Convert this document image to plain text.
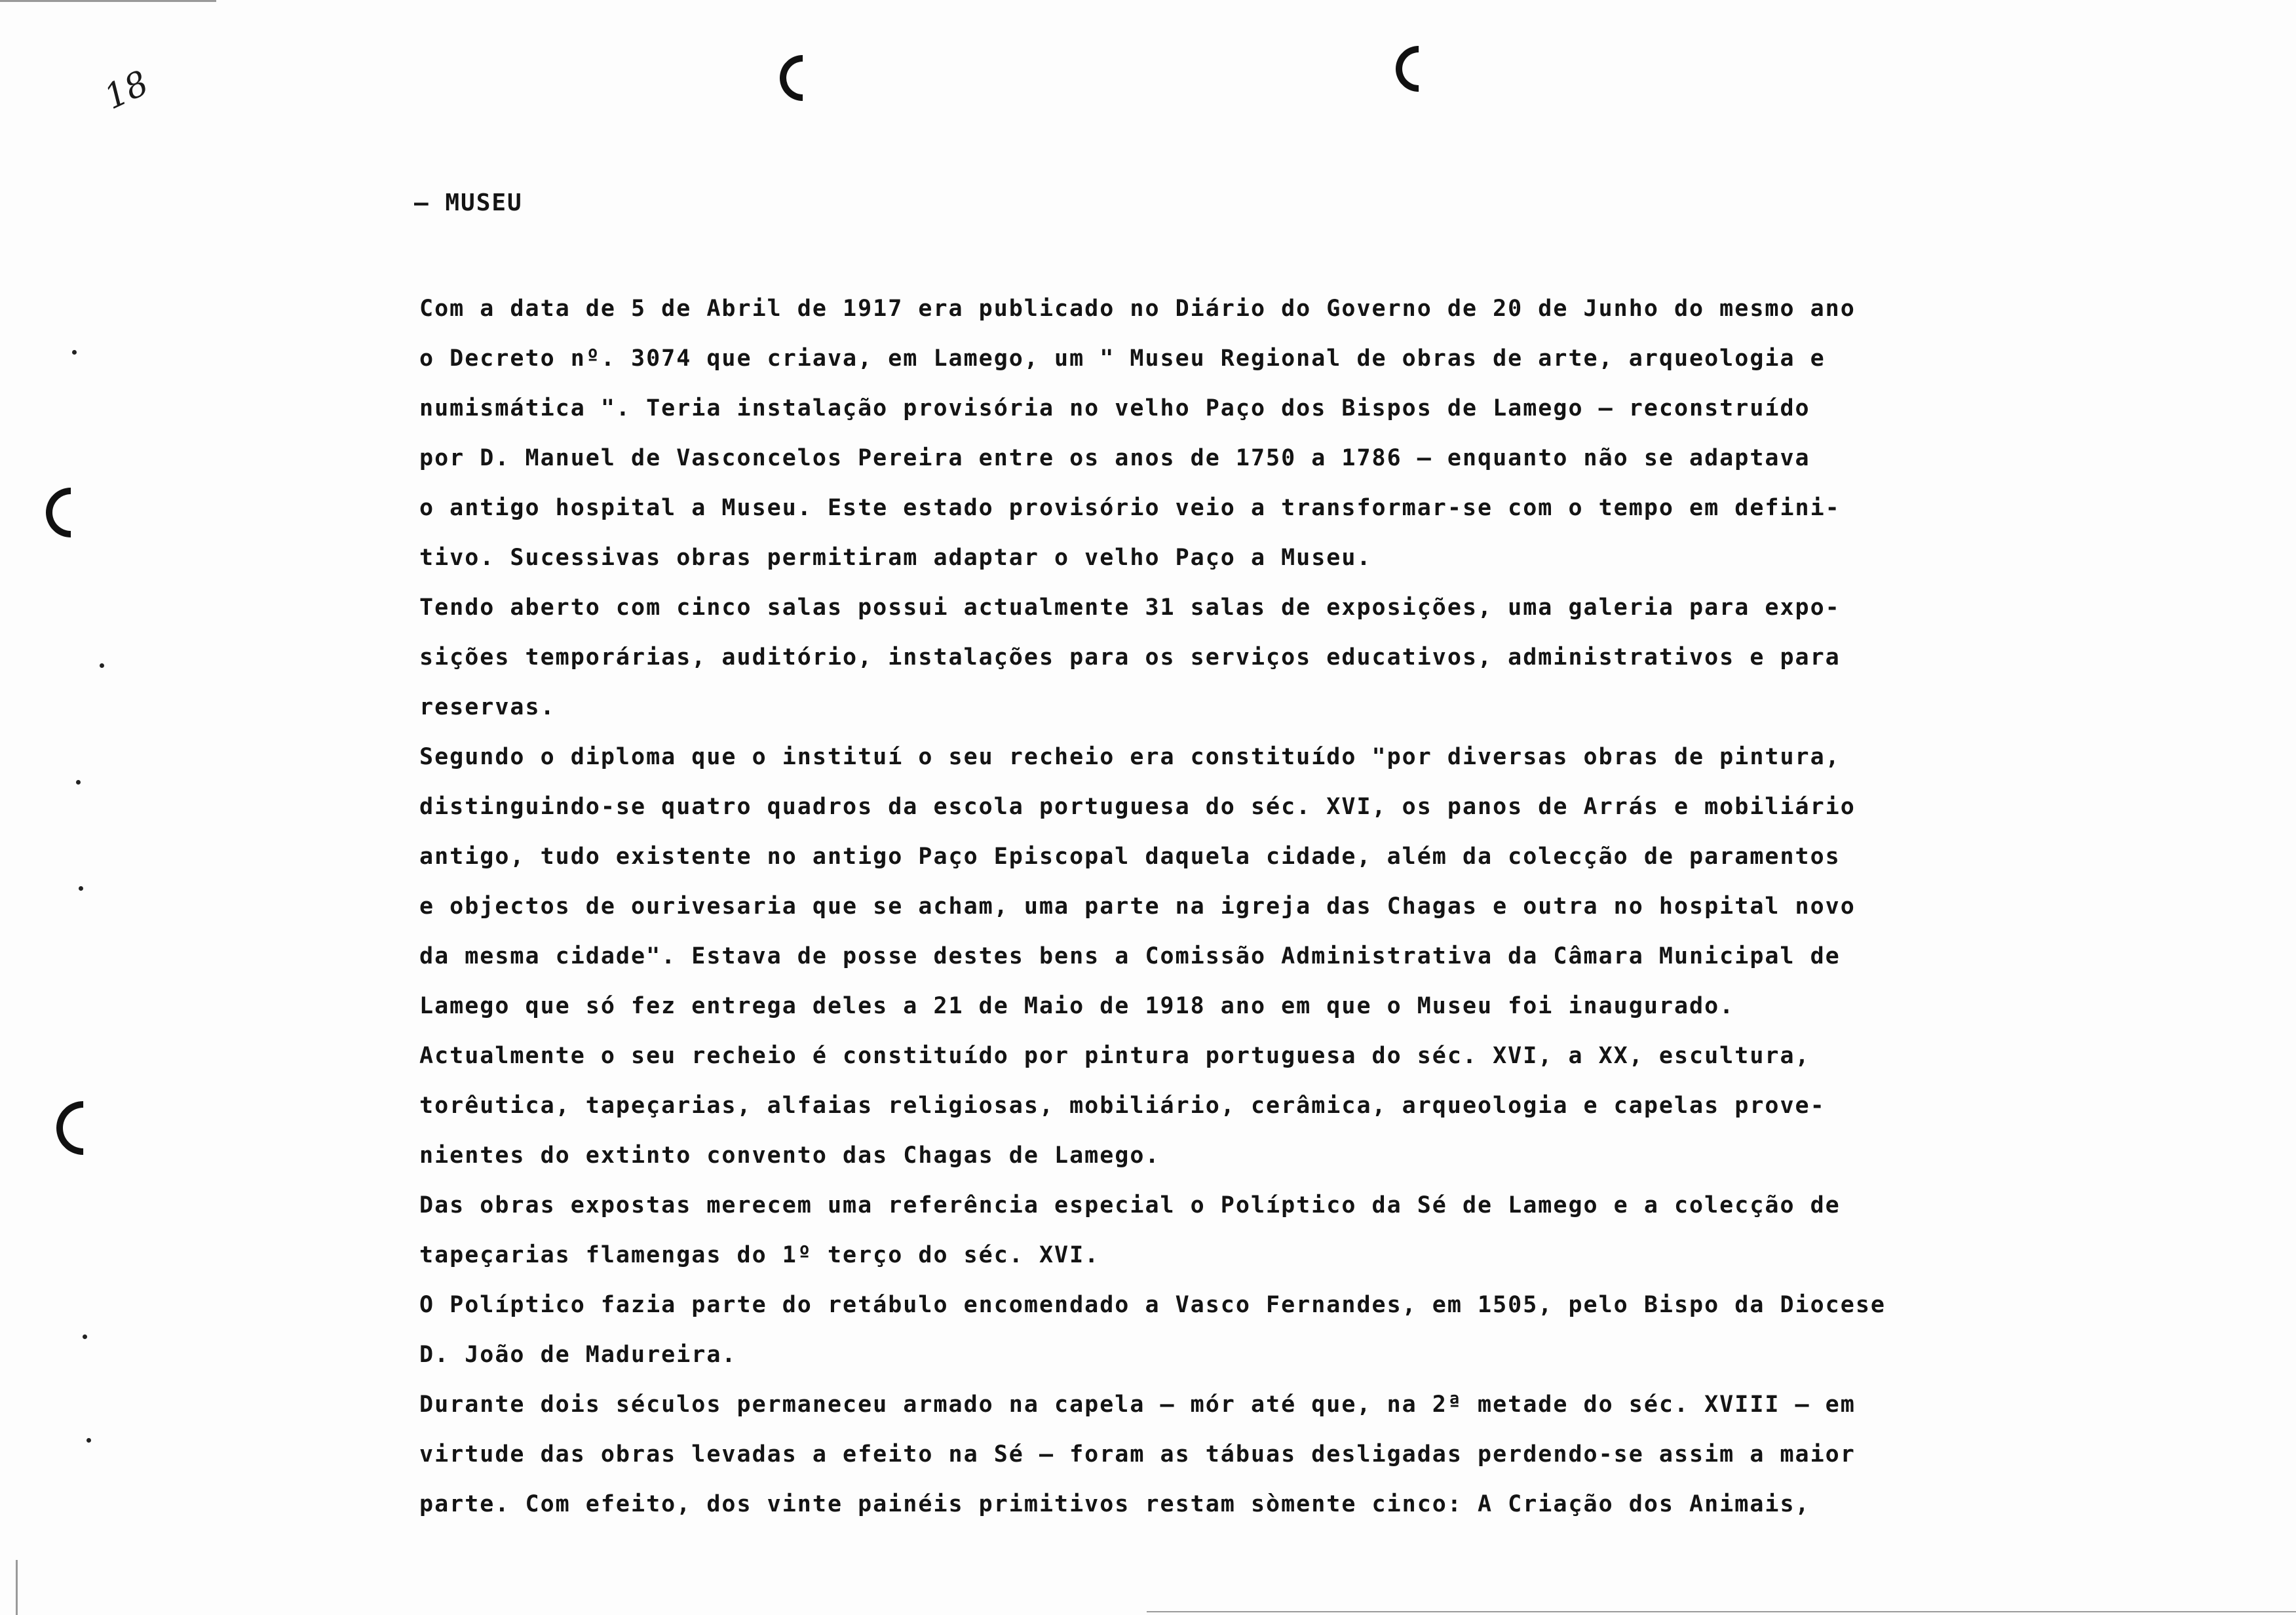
18
– MUSEU
Com a data de 5 de Abril de 1917 era publicado no Diário do Governo de 20 de Junho do mesmo ano
o Decreto nº. 3074 que criava, em Lamego, um " Museu Regional de obras de arte, arqueologia e
numismática ". Teria instalação provisória no velho Paço dos Bispos de Lamego – reconstruído
por D. Manuel de Vasconcelos Pereira entre os anos de 1750 a 1786 – enquanto não se adaptava
o antigo hospital a Museu. Este estado provisório veio a transformar-se com o tempo em defini-
tivo. Sucessivas obras permitiram adaptar o velho Paço a Museu.
Tendo aberto com cinco salas possui actualmente 31 salas de exposições, uma galeria para expo-
sições temporárias, auditório, instalações para os serviços educativos, administrativos e para
reservas.
Segundo o diploma que o instituí o seu recheio era constituído "por diversas obras de pintura,
distinguindo-se quatro quadros da escola portuguesa do séc. XVI, os panos de Arrás e mobiliário
antigo, tudo existente no antigo Paço Episcopal daquela cidade, além da colecção de paramentos
e objectos de ourivesaria que se acham, uma parte na igreja das Chagas e outra no hospital novo
da mesma cidade". Estava de posse destes bens a Comissão Administrativa da Câmara Municipal de
Lamego que só fez entrega deles a 21 de Maio de 1918 ano em que o Museu foi inaugurado.
Actualmente o seu recheio é constituído por pintura portuguesa do séc. XVI, a XX, escultura,
torêutica, tapeçarias, alfaias religiosas, mobiliário, cerâmica, arqueologia e capelas prove-
nientes do extinto convento das Chagas de Lamego.
Das obras expostas merecem uma referência especial o Políptico da Sé de Lamego e a colecção de
tapeçarias flamengas do 1º terço do séc. XVI.
O Políptico fazia parte do retábulo encomendado a Vasco Fernandes, em 1505, pelo Bispo da Diocese
D. João de Madureira.
Durante dois séculos permaneceu armado na capela – mór até que, na 2ª metade do séc. XVIII – em
virtude das obras levadas a efeito na Sé – foram as tábuas desligadas perdendo-se assim a maior
parte. Com efeito, dos vinte painéis primitivos restam sòmente cinco: A Criação dos Animais,
